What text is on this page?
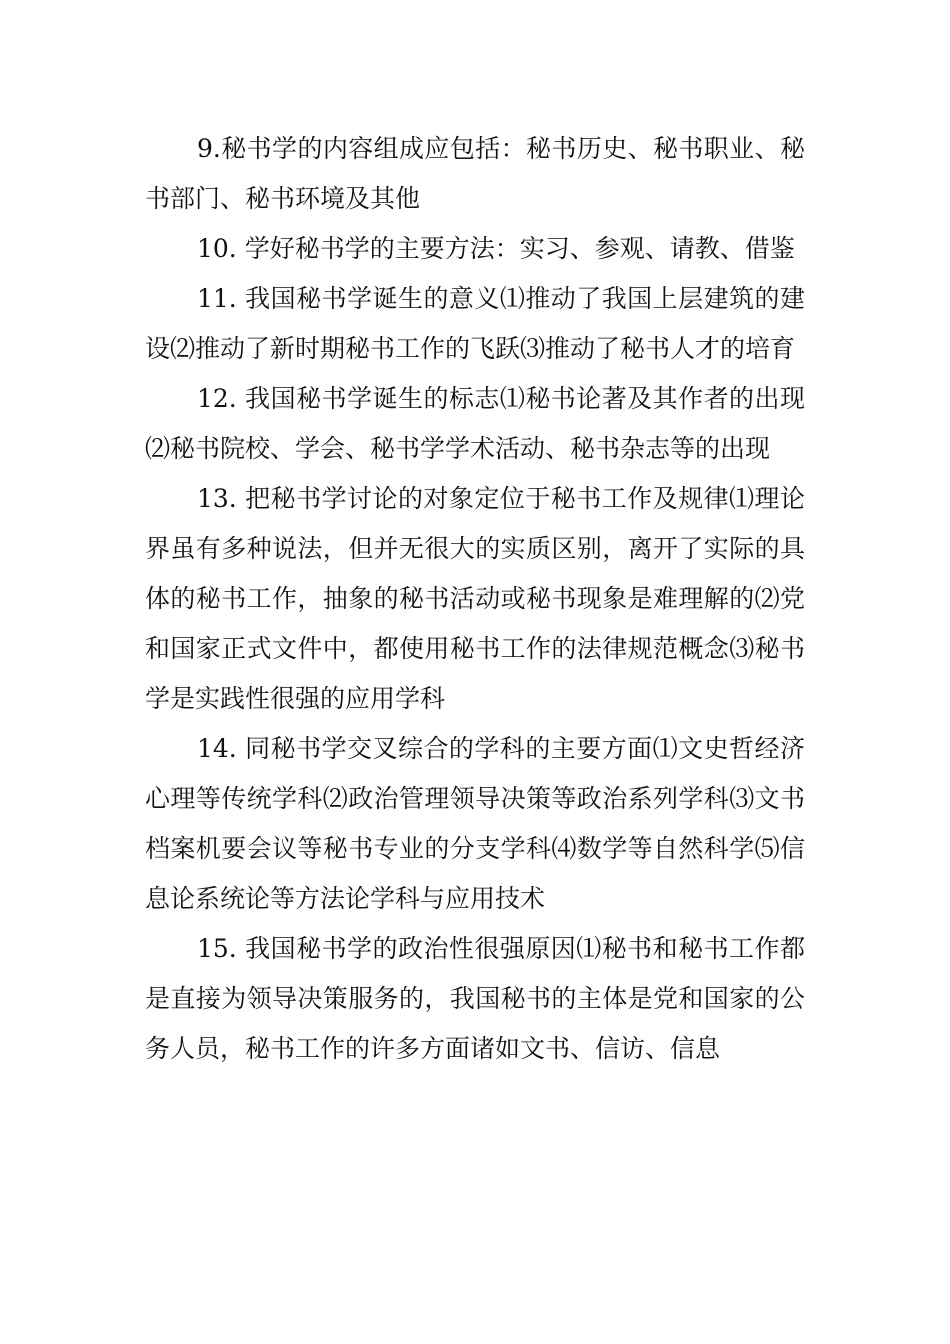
9.秘书学的内容组成应包括：秘书历史、秘书职业、秘书部门、秘书环境及其他

10. 学好秘书学的主要方法：实习、参观、请教、借鉴

11. 我国秘书学诞生的意义⑴推动了我国上层建筑的建设⑵推动了新时期秘书工作的飞跃⑶推动了秘书人才的培育

12. 我国秘书学诞生的标志⑴秘书论著及其作者的出现⑵秘书院校、学会、秘书学学术活动、秘书杂志等的出现

13. 把秘书学讨论的对象定位于秘书工作及规律⑴理论界虽有多种说法，但并无很大的实质区别，离开了实际的具体的秘书工作，抽象的秘书活动或秘书现象是难理解的⑵党和国家正式文件中，都使用秘书工作的法律规范概念⑶秘书学是实践性很强的应用学科

14. 同秘书学交叉综合的学科的主要方面⑴文史哲经济心理等传统学科⑵政治管理领导决策等政治系列学科⑶文书档案机要会议等秘书专业的分支学科⑷数学等自然科学⑸信息论系统论等方法论学科与应用技术

15. 我国秘书学的政治性很强原因⑴秘书和秘书工作都是直接为领导决策服务的，我国秘书的主体是党和国家的公务人员，秘书工作的许多方面诸如文书、信访、信息
